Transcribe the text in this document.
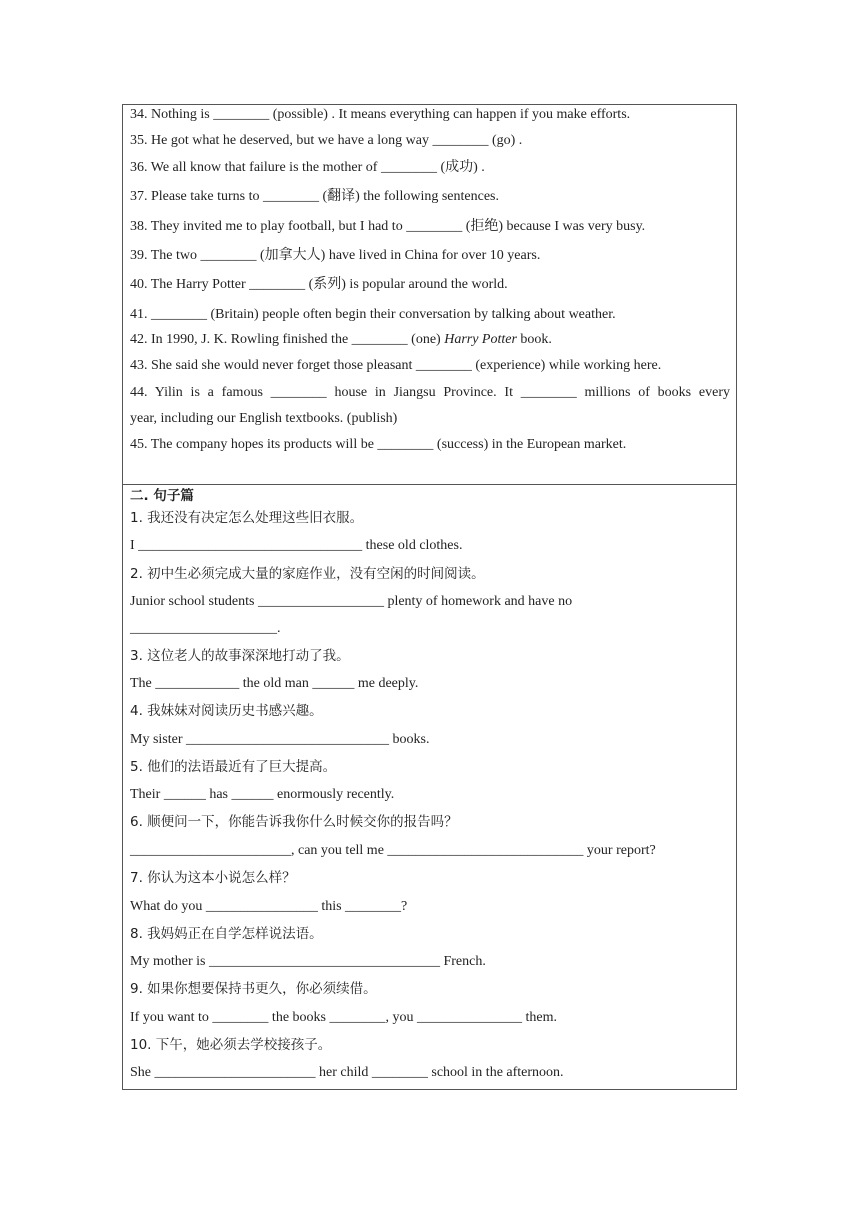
34. Nothing is ________ (possible) . It means everything can happen if you make efforts.
35. He got what he deserved, but we have a long way ________ (go) .
36. We all know that failure is the mother of ________ (成功) .
37. Please take turns to ________ (翻译) the following sentences.
38. They invited me to play football, but I had to ________ (拒绝) because I was very busy.
39. The two ________ (加拿大人) have lived in China for over 10 years.
40. The Harry Potter ________ (系列) is popular around the world.
41. ________ (Britain) people often begin their conversation by talking about weather.
42. In 1990, J. K. Rowling finished the ________ (one) Harry Potter book.
43. She said she would never forget those pleasant ________ (experience) while working here.
44. Yilin is a famous ________ house in Jiangsu Province. It ________ millions of books every
year, including our English textbooks. (publish)
45. The company hopes its products will be ________ (success) in the European market.
二. 句子篇
1. 我还没有决定怎么处理这些旧衣服。
I ________________________________ these old clothes.
2. 初中生必须完成大量的家庭作业，没有空闲的时间阅读。
Junior school students __________________ plenty of homework and have no
_____________________.
3. 这位老人的故事深深地打动了我。
The ____________ the old man ______ me deeply.
4. 我妹妹对阅读历史书感兴趣。
My sister _____________________________ books.
5. 他们的法语最近有了巨大提高。
Their ______ has ______ enormously recently.
6. 顺便问一下，你能告诉我你什么时候交你的报告吗？
_______________________, can you tell me ____________________________ your report?
7. 你认为这本小说怎么样？
What do you ________________ this ________?
8. 我妈妈正在自学怎样说法语。
My mother is _________________________________ French.
9. 如果你想要保持书更久，你必须续借。
If you want to ________ the books ________, you _______________ them.
10. 下午，她必须去学校接孩子。
She _______________________ her child ________ school in the afternoon.
